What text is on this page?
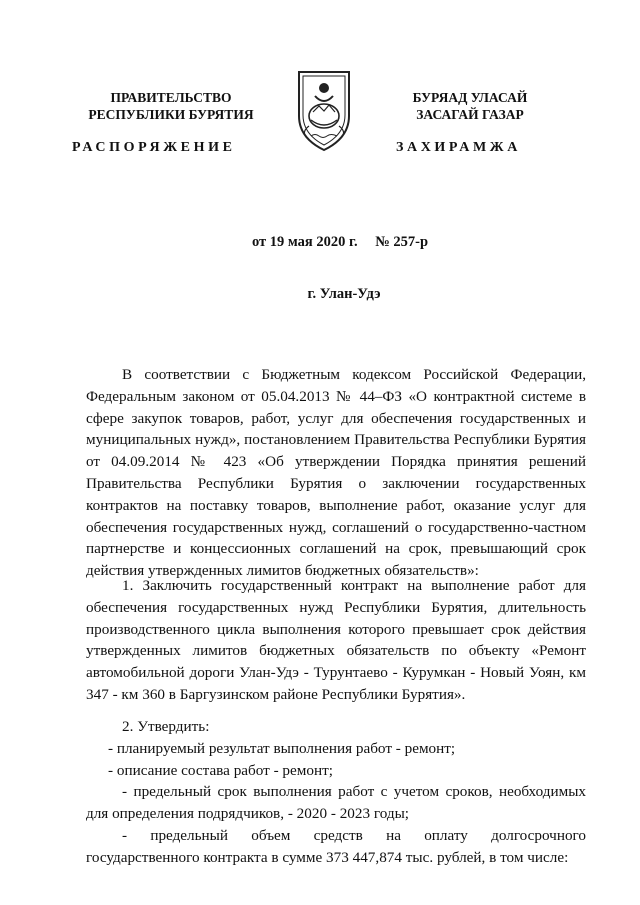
ПРАВИТЕЛЬСТВО
РЕСПУБЛИКИ БУРЯТИЯ
БУРЯАД УЛАСАЙ
ЗАСАГАЙ ГАЗАР
РАСПОРЯЖЕНИЕ	ЗАХИРАМЖА
от 19 мая 2020 г. № 257-р
г. Улан-Удэ

В соответствии с Бюджетным кодексом Российской Федерации, Федеральным законом от 05.04.2013 № 44–ФЗ «О контрактной системе в сфере закупок товаров, работ, услуг для обеспечения государственных и муниципальных нужд», постановлением Правительства Республики Бурятия от 04.09.2014 № 423 «Об утверждении Порядка принятия решений Правительства Республики Бурятия о заключении государственных контрактов на поставку товаров, выполнение работ, оказание услуг для обеспечения государственных нужд, соглашений о государственно-частном партнерстве и концессионных соглашений на срок, превышающий срок действия утвержденных лимитов бюджетных обязательств»:

1. Заключить государственный контракт на выполнение работ для обеспечения государственных нужд Республики Бурятия, длительность производственного цикла выполнения которого превышает срок действия утвержденных лимитов бюджетных обязательств по объекту «Ремонт автомобильной дороги Улан-Удэ - Турунтаево - Курумкан - Новый Уоян, км 347 - км 360 в Баргузинском районе Республики Бурятия».

2. Утвердить:

- планируемый результат выполнения работ - ремонт;

- описание состава работ - ремонт;

- предельный срок выполнения работ с учетом сроков, необходимых для определения подрядчиков, - 2020 - 2023 годы;

- предельный объем средств на оплату долгосрочного государственного контракта в сумме 373 447,874 тыс. рублей, в том числе:
